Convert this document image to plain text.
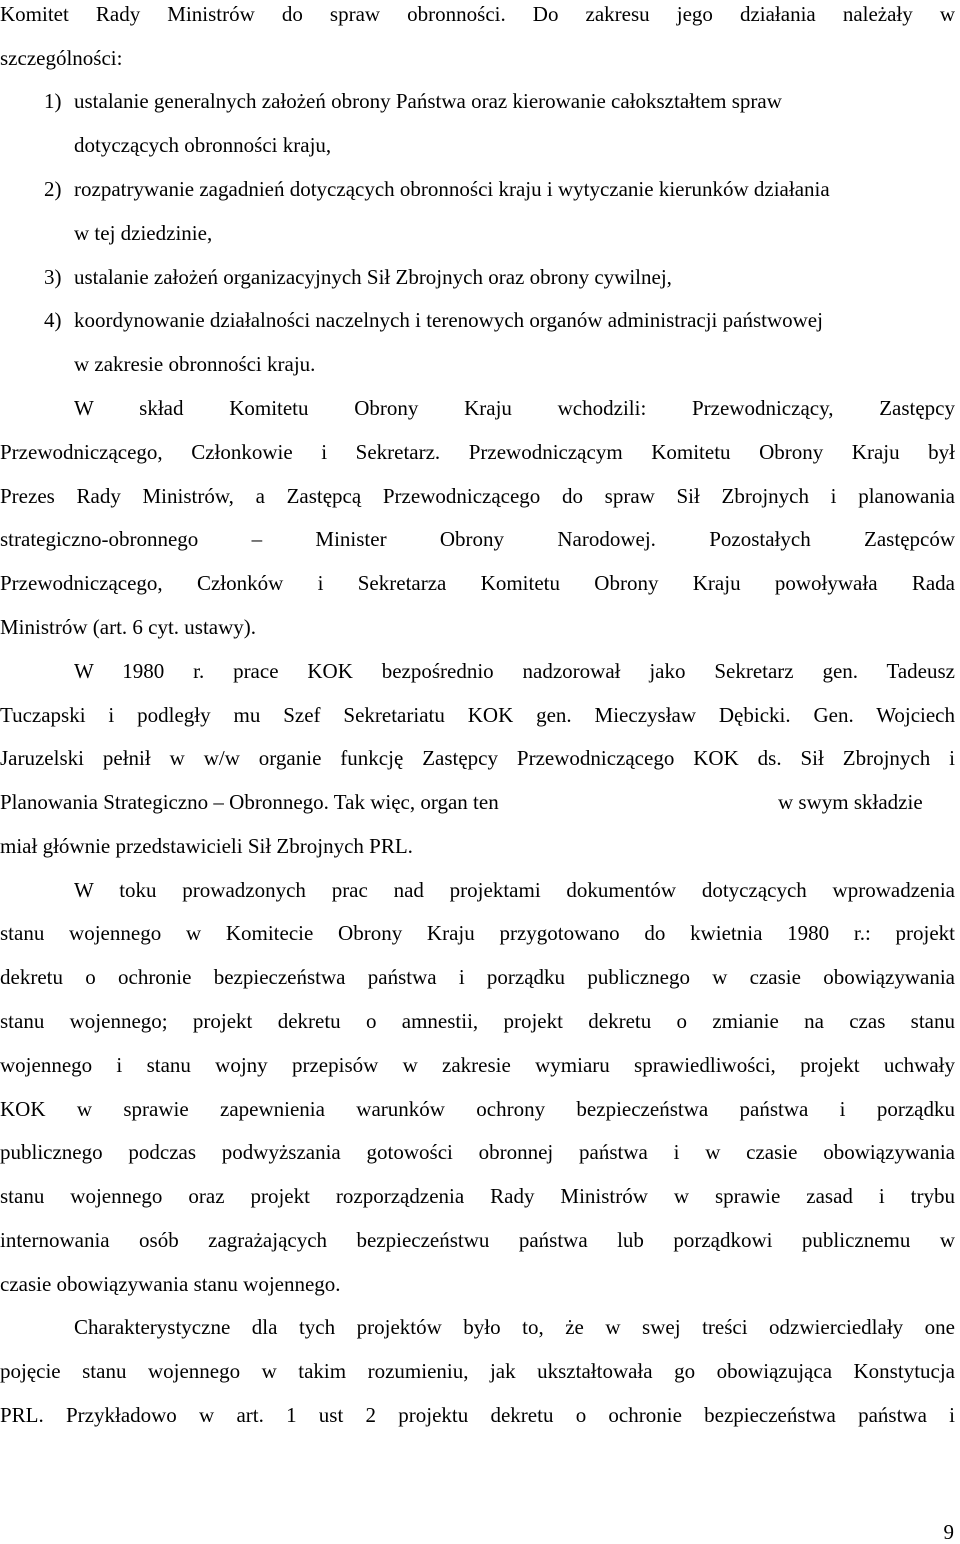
Komitet Rady Ministrów do spraw obronności. Do zakresu jego działania należały w
szczególności:
1) ustalanie generalnych założeń obrony Państwa oraz kierowanie całokształtem spraw
dotyczących obronności kraju,
2) rozpatrywanie zagadnień dotyczących obronności kraju i wytyczanie kierunków działania
w tej dziedzinie,
3) ustalanie założeń organizacyjnych Sił Zbrojnych oraz obrony cywilnej,
4) koordynowanie działalności naczelnych i terenowych organów administracji państwowej
w zakresie obronności kraju.
W skład Komitetu Obrony Kraju wchodzili: Przewodniczący, Zastępcy
Przewodniczącego, Członkowie i Sekretarz. Przewodniczącym Komitetu Obrony Kraju był
Prezes Rady Ministrów, a Zastępcą Przewodniczącego do spraw Sił Zbrojnych i planowania
strategiczno-obronnego – Minister Obrony Narodowej. Pozostałych Zastępców
Przewodniczącego, Członków i Sekretarza Komitetu Obrony Kraju powoływała Rada
Ministrów (art. 6 cyt. ustawy).
W 1980 r. prace KOK bezpośrednio nadzorował jako Sekretarz gen. Tadeusz
Tuczapski i podległy mu Szef Sekretariatu KOK gen. Mieczysław Dębicki. Gen. Wojciech
Jaruzelski pełnił w w/w organie funkcję Zastępcy Przewodniczącego KOK ds. Sił Zbrojnych i
Planowania Strategiczno – Obronnego. Tak więc, organ ten	w swym składzie
miał głównie przedstawicieli Sił Zbrojnych PRL.
W toku prowadzonych prac nad projektami dokumentów dotyczących wprowadzenia
stanu wojennego w Komitecie Obrony Kraju przygotowano do kwietnia 1980 r.: projekt
dekretu o ochronie bezpieczeństwa państwa i porządku publicznego w czasie obowiązywania
stanu wojennego; projekt dekretu o amnestii, projekt dekretu o zmianie na czas stanu
wojennego i stanu wojny przepisów w zakresie wymiaru sprawiedliwości, projekt uchwały
KOK w sprawie zapewnienia warunków ochrony bezpieczeństwa państwa i porządku
publicznego podczas podwyższania gotowości obronnej państwa i w czasie obowiązywania
stanu wojennego oraz projekt rozporządzenia Rady Ministrów w sprawie zasad i trybu
internowania osób zagrażających bezpieczeństwu państwa lub porządkowi publicznemu w
czasie obowiązywania stanu wojennego.
Charakterystyczne dla tych projektów było to, że w swej treści odzwierciedlały one
pojęcie stanu wojennego w takim rozumieniu, jak ukształtowała go obowiązująca Konstytucja
PRL. Przykładowo w art. 1 ust 2 projektu dekretu o ochronie bezpieczeństwa państwa i
9
